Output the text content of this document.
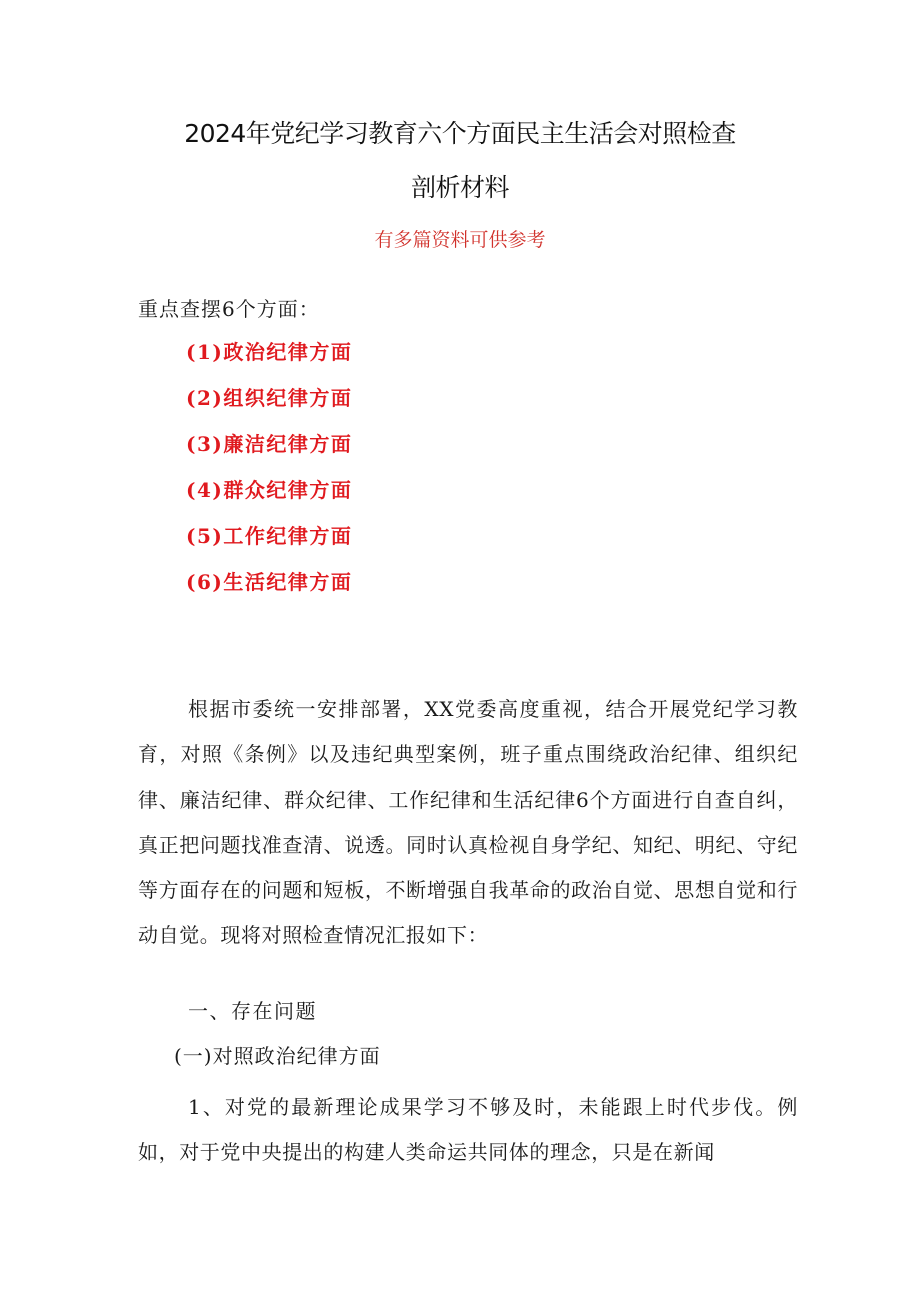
2024年党纪学习教育六个方面民主生活会对照检查
剖析材料
有多篇资料可供参考
重点查摆6个方面：
(1)政治纪律方面
(2)组织纪律方面
(3)廉洁纪律方面
(4)群众纪律方面
(5)工作纪律方面
(6)生活纪律方面

根据市委统一安排部署，XX党委高度重视，结合开展党纪学习教育，对照《条例》以及违纪典型案例，班子重点围绕政治纪律、组织纪律、廉洁纪律、群众纪律、工作纪律和生活纪律6个方面进行自查自纠，真正把问题找准查清、说透。同时认真检视自身学纪、知纪、明纪、守纪等方面存在的问题和短板，不断增强自我革命的政治自觉、思想自觉和行动自觉。现将对照检查情况汇报如下：

一、存在问题
(一)对照政治纪律方面

1、对党的最新理论成果学习不够及时，未能跟上时代步伐。例如，对于党中央提出的构建人类命运共同体的理念，只是在新闻
